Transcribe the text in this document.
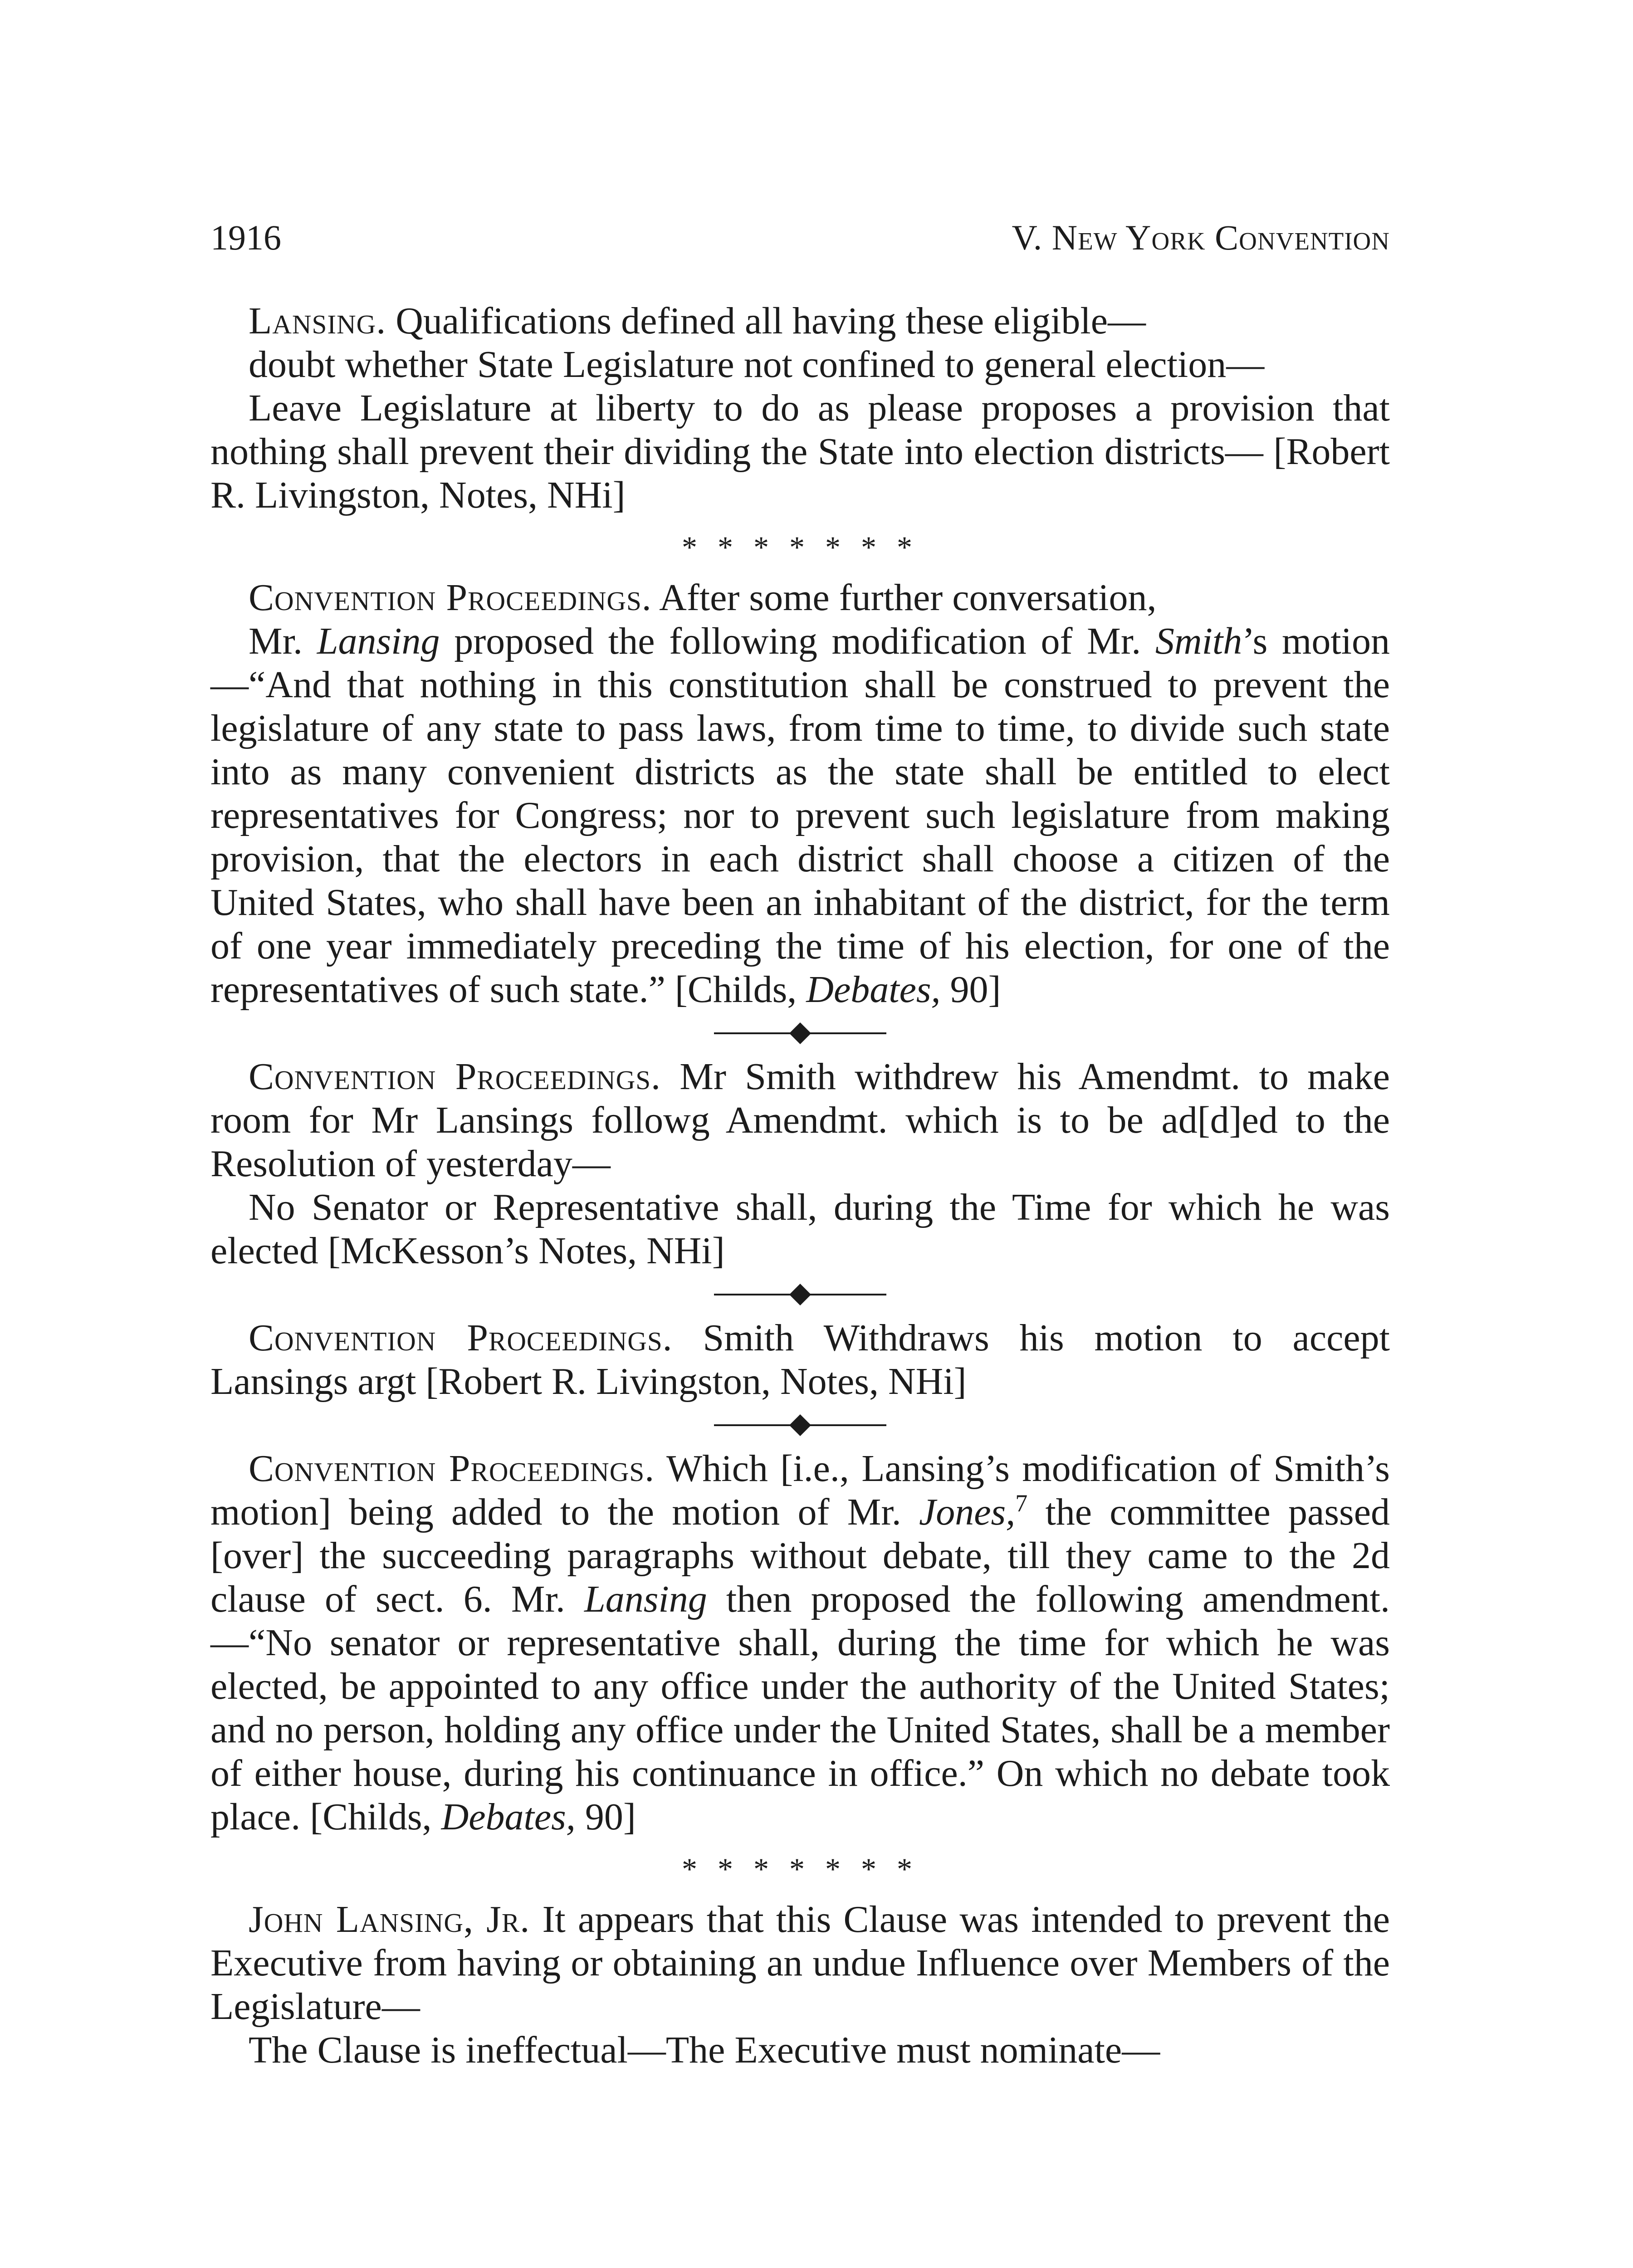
1916	V. New York Convention

Lansing. Qualifications defined all having these eligible—

doubt whether State Legislature not confined to general election—

Leave Legislature at liberty to do as please proposes a provision that nothing shall prevent their dividing the State into election districts— [Robert R. Livingston, Notes, NHi]

* * * * * * *

Convention Proceedings. After some further conversation,

Mr. Lansing proposed the following modification of Mr. Smith’s motion—“And that nothing in this constitution shall be construed to prevent the legislature of any state to pass laws, from time to time, to divide such state into as many convenient districts as the state shall be entitled to elect representatives for Congress; nor to prevent such legislature from making provision, that the electors in each district shall choose a citizen of the United States, who shall have been an inhabitant of the district, for the term of one year immediately preceding the time of his election, for one of the representatives of such state.” [Childs, Debates, 90]

Convention Proceedings. Mr Smith withdrew his Amendmt. to make room for Mr Lansings followg Amendmt. which is to be ad[d]ed to the Resolution of yesterday—

No Senator or Representative shall, during the Time for which he was elected [McKesson’s Notes, NHi]

Convention Proceedings. Smith Withdraws his motion to accept Lansings argt [Robert R. Livingston, Notes, NHi]

Convention Proceedings. Which [i.e., Lansing’s modification of Smith’s motion] being added to the motion of Mr. Jones,$^7$ the committee passed [over] the succeeding paragraphs without debate, till they came to the 2d clause of sect. 6. Mr. Lansing then proposed the following amendment.—“No senator or representative shall, during the time for which he was elected, be appointed to any office under the authority of the United States; and no person, holding any office under the United States, shall be a member of either house, during his continuance in office.” On which no debate took place. [Childs, Debates, 90]

* * * * * * *

John Lansing, Jr. It appears that this Clause was intended to prevent the Executive from having or obtaining an undue Influence over Members of the Legislature—

The Clause is ineffectual—The Executive must nominate—
